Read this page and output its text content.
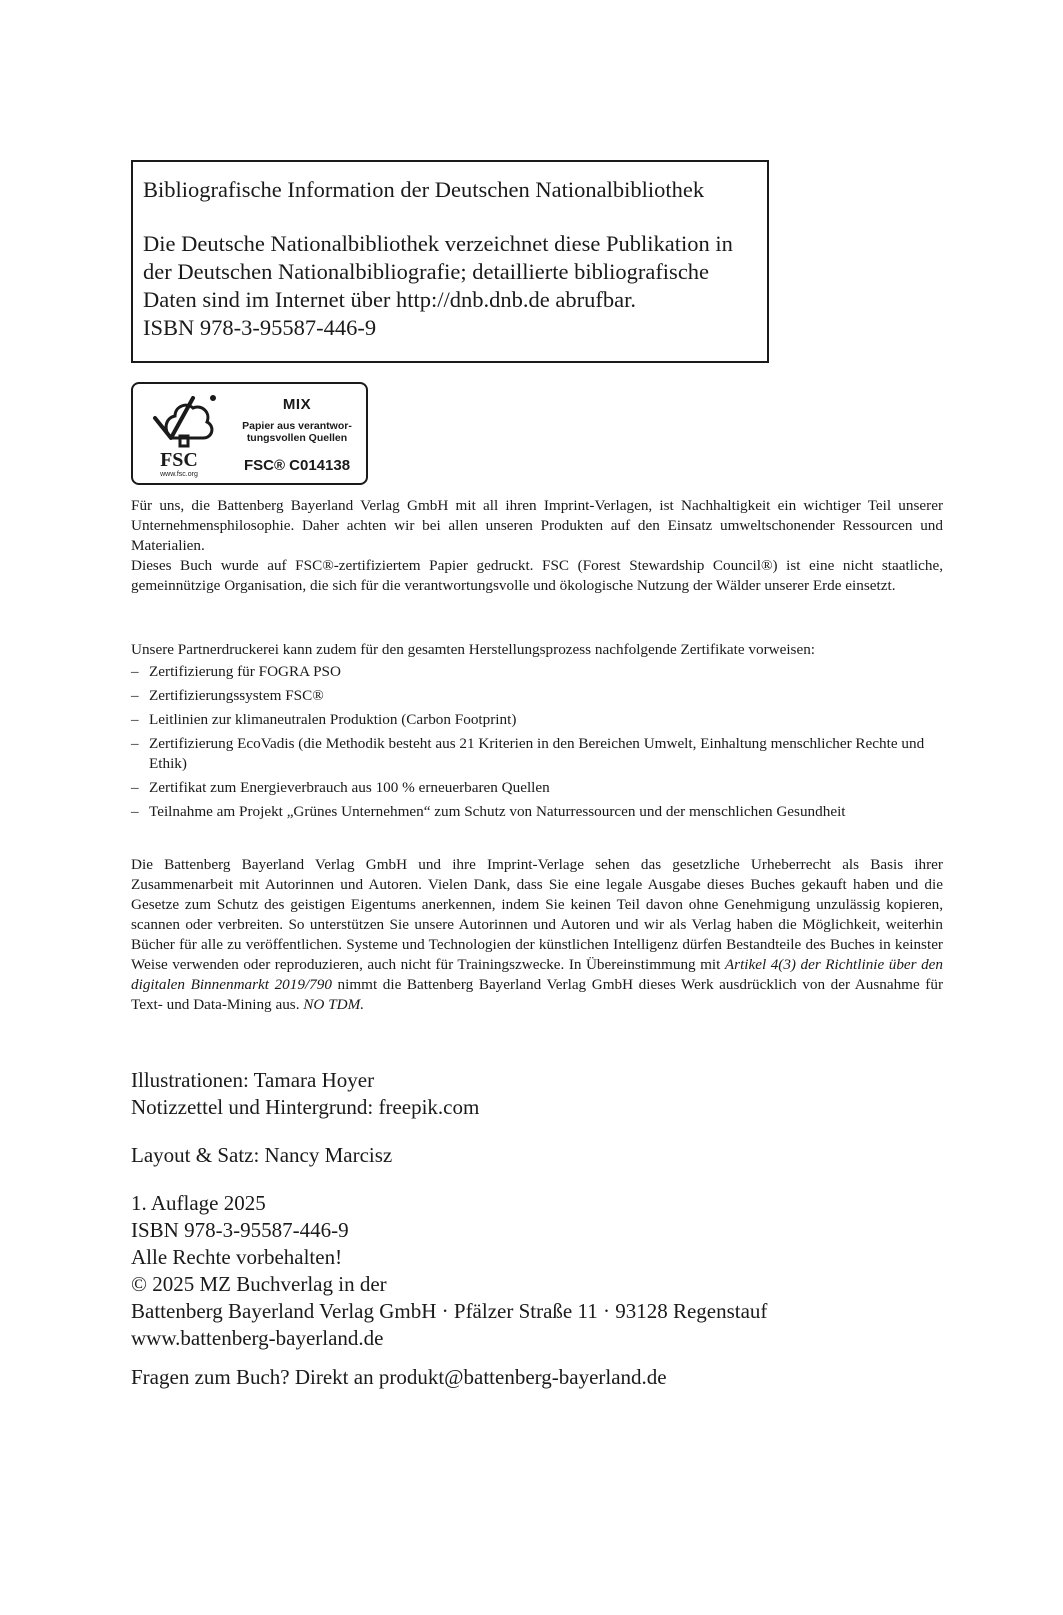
Bibliografische Information der Deutschen Nationalbibliothek

Die Deutsche Nationalbibliothek verzeichnet diese Publikation in der Deutschen Nationalbibliografie; detaillierte bibliografische Daten sind im Internet über http://dnb.dnb.de abrufbar.

ISBN 978-3-95587-446-9

FSC
www.fsc.org
MIX
Papier aus verantwor-
tungsvollen Quellen
FSC® C014138

Für uns, die Battenberg Bayerland Verlag GmbH mit all ihren Imprint-Verlagen, ist Nachhaltigkeit ein wichtiger Teil unserer Unternehmensphilosophie. Daher achten wir bei allen unseren Produkten auf den Einsatz umweltschonender Ressourcen und Materialien.

Dieses Buch wurde auf FSC®-zertifiziertem Papier gedruckt. FSC (Forest Stewardship Council®) ist eine nicht staatliche, gemeinnützige Organisation, die sich für die verantwortungsvolle und ökologische Nutzung der Wälder unserer Erde einsetzt.

Unsere Partnerdruckerei kann zudem für den gesamten Herstellungsprozess nachfolgende Zertifikate vorweisen:

– Zertifizierung für FOGRA PSO
– Zertifizierungssystem FSC®
– Leitlinien zur klimaneutralen Produktion (Carbon Footprint)
– Zertifizierung EcoVadis (die Methodik besteht aus 21 Kriterien in den Bereichen Umwelt, Einhaltung menschlicher Rechte und Ethik)
– Zertifikat zum Energieverbrauch aus 100 % erneuerbaren Quellen
– Teilnahme am Projekt „Grünes Unternehmen“ zum Schutz von Naturressourcen und der menschlichen Gesundheit

Die Battenberg Bayerland Verlag GmbH und ihre Imprint-Verlage sehen das gesetzliche Urheberrecht als Basis ihrer Zusammenarbeit mit Autorinnen und Autoren. Vielen Dank, dass Sie eine legale Ausgabe dieses Buches gekauft haben und die Gesetze zum Schutz des geistigen Eigentums anerkennen, indem Sie keinen Teil davon ohne Genehmigung unzulässig kopieren, scannen oder verbreiten. So unterstützen Sie unsere Autorinnen und Autoren und wir als Verlag haben die Möglichkeit, weiterhin Bücher für alle zu veröffentlichen. Systeme und Technologien der künstlichen Intelligenz dürfen Bestandteile des Buches in keinster Weise verwenden oder reproduzieren, auch nicht für Trainingszwecke. In Übereinstimmung mit Artikel 4(3) der Richtlinie über den digitalen Binnenmarkt 2019/790 nimmt die Battenberg Bayerland Verlag GmbH dieses Werk ausdrücklich von der Ausnahme für Text- und Data-Mining aus. NO TDM.

Illustrationen: Tamara Hoyer

Notizzettel und Hintergrund: freepik.com

Layout & Satz: Nancy Marcisz

1. Auflage 2025

ISBN 978-3-95587-446-9

Alle Rechte vorbehalten!

© 2025 MZ Buchverlag in der

Battenberg Bayerland Verlag GmbH · Pfälzer Straße 11 · 93128 Regenstauf

www.battenberg-bayerland.de

Fragen zum Buch? Direkt an produkt@battenberg-bayerland.de
